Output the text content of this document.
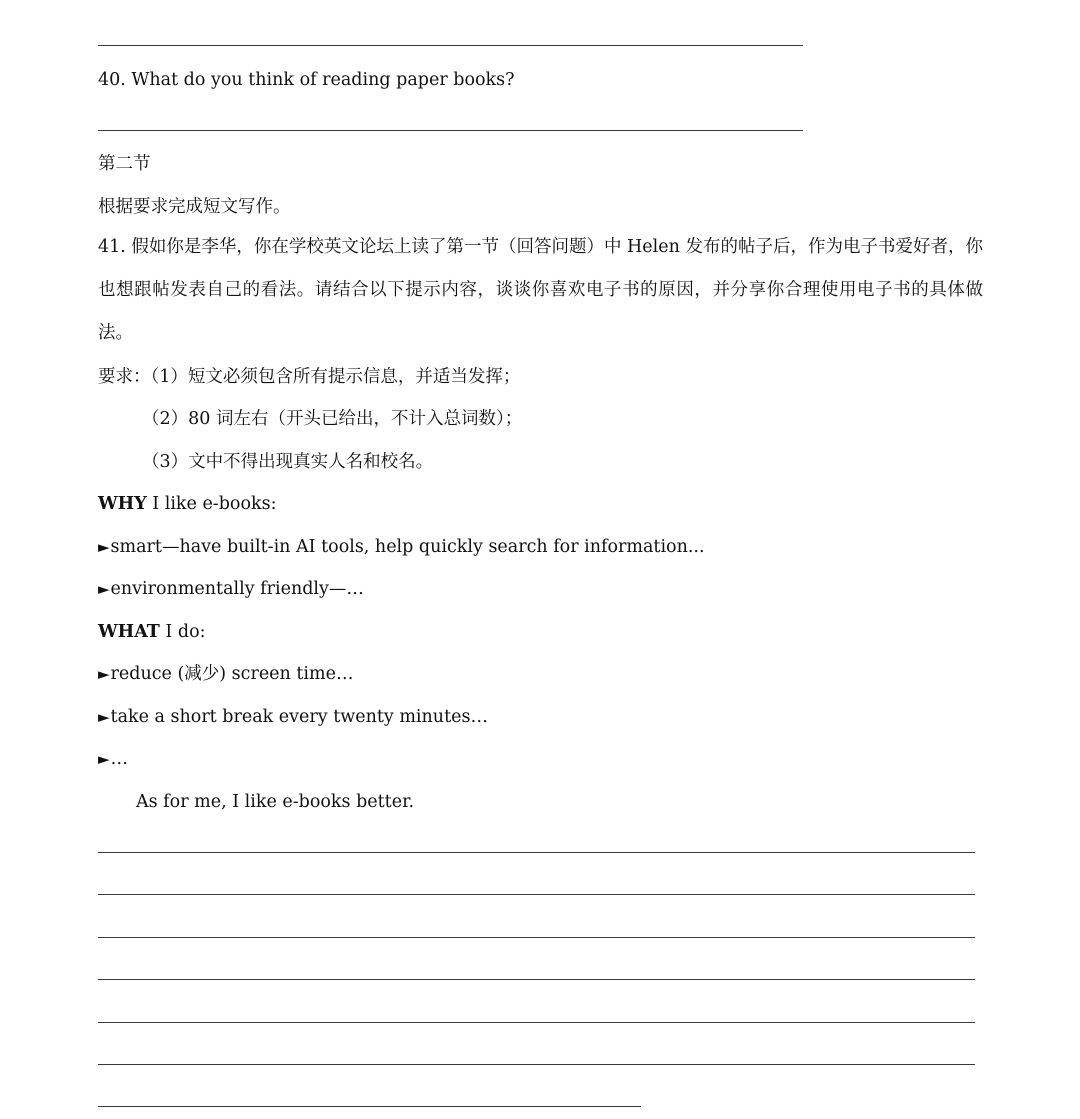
40. What do you think of reading paper books?
第二节
根据要求完成短文写作。
41. 假如你是李华，你在学校英文论坛上读了第一节（回答问题）中 Helen 发布的帖子后，作为电子书爱好者，你也想跟帖发表自己的看法。请结合以下提示内容，谈谈你喜欢电子书的原因，并分享你合理使用电子书的具体做法。
要求：（1）短文必须包含所有提示信息，并适当发挥；
（2）80 词左右（开头已给出，不计入总词数）；
（3）文中不得出现真实人名和校名。
WHY I like e-books:
►smart—have built-in AI tools, help quickly search for information...
►environmentally friendly—…
WHAT I do:
►reduce (减少) screen time…
►take a short break every twenty minutes…
►…
As for me, I like e-books better.
